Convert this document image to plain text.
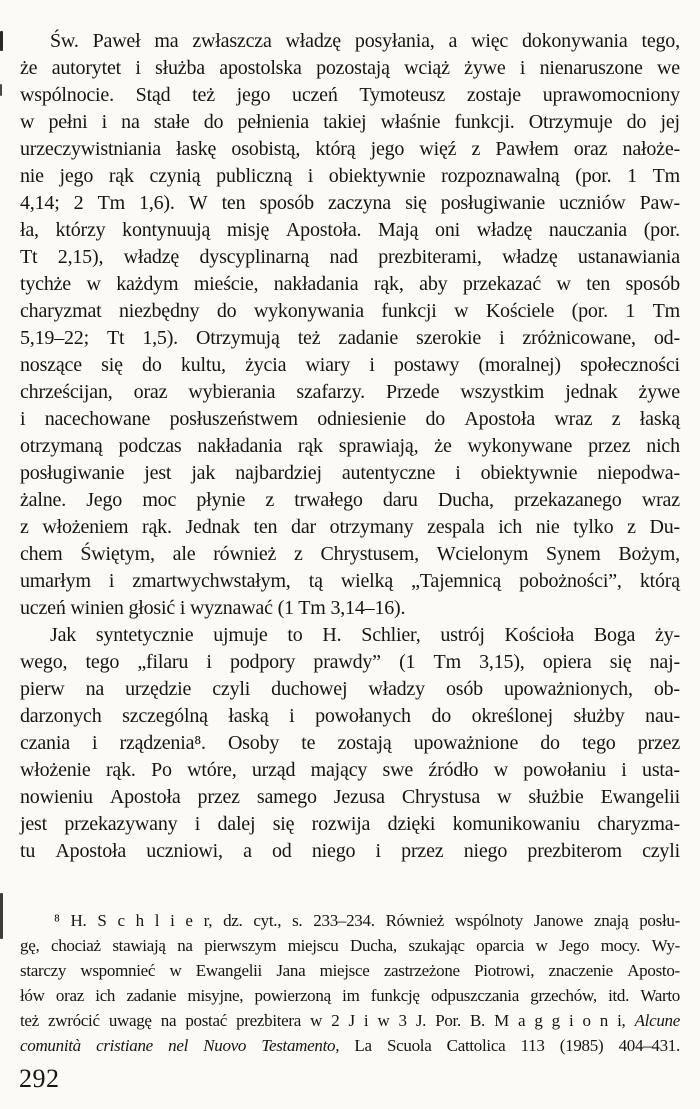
Św. Paweł ma zwłaszcza władzę posyłania, a więc dokonywania tego,
że autorytet i służba apostolska pozostają wciąż żywe i nienaruszone we
wspólnocie. Stąd też jego uczeń Tymoteusz zostaje uprawomocniony
w pełni i na stałe do pełnienia takiej właśnie funkcji. Otrzymuje do jej
urzeczywistniania łaskę osobistą, którą jego więź z Pawłem oraz nałoże-
nie jego rąk czynią publiczną i obiektywnie rozpoznawalną (por. 1 Tm
4,14; 2 Tm 1,6). W ten sposób zaczyna się posługiwanie uczniów Paw-
ła, którzy kontynuują misję Apostoła. Mają oni władzę nauczania (por.
Tt 2,15), władzę dyscyplinarną nad prezbiterami, władzę ustanawiania
tychże w każdym mieście, nakładania rąk, aby przekazać w ten sposób
charyzmat niezbędny do wykonywania funkcji w Kościele (por. 1 Tm
5,19–22; Tt 1,5). Otrzymują też zadanie szerokie i zróżnicowane, od-
noszące się do kultu, życia wiary i postawy (moralnej) społeczności
chrześcijan, oraz wybierania szafarzy. Przede wszystkim jednak żywe
i nacechowane posłuszeństwem odniesienie do Apostoła wraz z łaską
otrzymaną podczas nakładania rąk sprawiają, że wykonywane przez nich
posługiwanie jest jak najbardziej autentyczne i obiektywnie niepodwa-
żalne. Jego moc płynie z trwałego daru Ducha, przekazanego wraz
z włożeniem rąk. Jednak ten dar otrzymany zespala ich nie tylko z Du-
chem Świętym, ale również z Chrystusem, Wcielonym Synem Bożym,
umarłym i zmartwychwstałym, tą wielką „Tajemnicą pobożności”, którą
uczeń winien głosić i wyznawać (1 Tm 3,14–16).
Jak syntetycznie ujmuje to H. Schlier, ustrój Kościoła Boga ży-
wego, tego „filaru i podpory prawdy” (1 Tm 3,15), opiera się naj-
pierw na urzędzie czyli duchowej władzy osób upoważnionych, ob-
darzonych szczególną łaską i powołanych do określonej służby nau-
czania i rządzenia⁸. Osoby te zostają upoważnione do tego przez
włożenie rąk. Po wtóre, urząd mający swe źródło w powołaniu i usta-
nowieniu Apostoła przez samego Jezusa Chrystusa w służbie Ewangelii
jest przekazywany i dalej się rozwija dzięki komunikowaniu charyzma-
tu Apostoła uczniowi, a od niego i przez niego prezbiterom czyli
⁸ H. S c h l i e r, dz. cyt., s. 233–234. Również wspólnoty Janowe znają posłu-
gę, chociaż stawiają na pierwszym miejscu Ducha, szukając oparcia w Jego mocy. Wy-
starczy wspomnieć w Ewangelii Jana miejsce zastrzeżone Piotrowi, znaczenie Aposto-
łów oraz ich zadanie misyjne, powierzoną im funkcję odpuszczania grzechów, itd. Warto
też zwrócić uwagę na postać prezbitera w 2 J i w 3 J. Por. B. M a g g i o n i, Alcune
comunità cristiane nel Nuovo Testamento, La Scuola Cattolica 113 (1985) 404–431.
292
